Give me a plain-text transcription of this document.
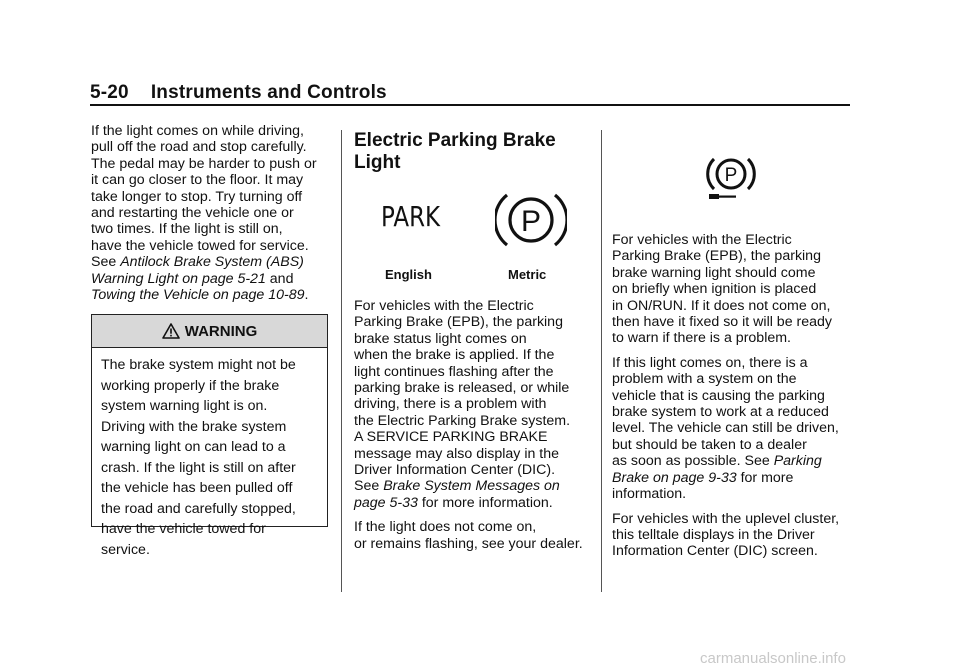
5-20 Instruments and Controls

If the light comes on while driving,
pull off the road and stop carefully.
The pedal may be harder to push or
it can go closer to the floor. It may
take longer to stop. Try turning off
and restarting the vehicle one or
two times. If the light is still on,
have the vehicle towed for service.
See Antilock Brake System (ABS)
Warning Light on page 5-21 and
Towing the Vehicle on page 10-89.

WARNING
The brake system might not be
working properly if the brake
system warning light is on.
Driving with the brake system
warning light on can lead to a
crash. If the light is still on after
the vehicle has been pulled off
the road and carefully stopped,
have the vehicle towed for
service.
Electric Parking Brake
Light
PARK	P
English	Metric

For vehicles with the Electric
Parking Brake (EPB), the parking
brake status light comes on
when the brake is applied. If the
light continues flashing after the
parking brake is released, or while
driving, there is a problem with
the Electric Parking Brake system.
A SERVICE PARKING BRAKE
message may also display in the
Driver Information Center (DIC).
See Brake System Messages on
page 5-33 for more information.

If the light does not come on,
or remains flashing, see your dealer.

P

For vehicles with the Electric
Parking Brake (EPB), the parking
brake warning light should come
on briefly when ignition is placed
in ON/RUN. If it does not come on,
then have it fixed so it will be ready
to warn if there is a problem.

If this light comes on, there is a
problem with a system on the
vehicle that is causing the parking
brake system to work at a reduced
level. The vehicle can still be driven,
but should be taken to a dealer
as soon as possible. See Parking
Brake on page 9-33 for more
information.

For vehicles with the uplevel cluster,
this telltale displays in the Driver
Information Center (DIC) screen.

carmanualsonline.info
